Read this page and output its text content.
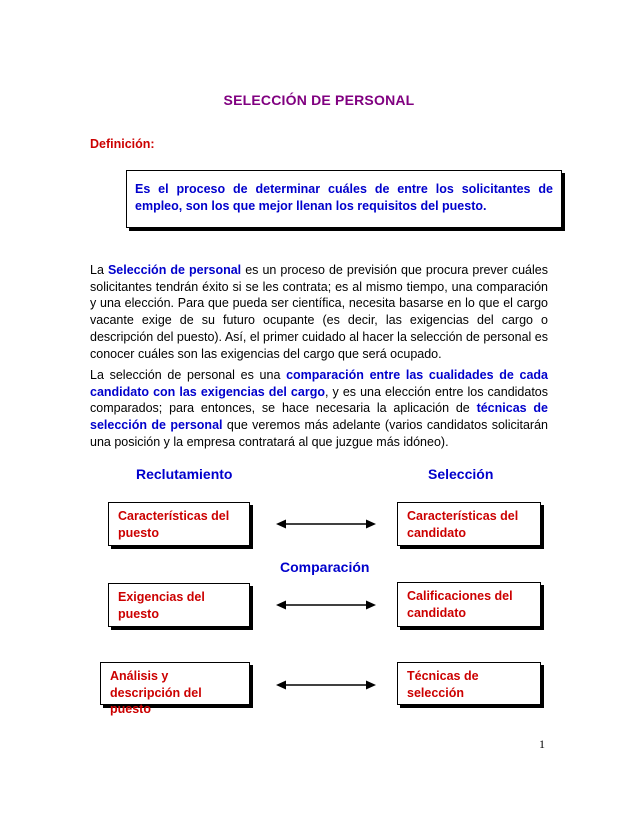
SELECCIÓN DE PERSONAL
Definición:
Es el proceso de determinar cuáles de entre los solicitantes de empleo, son los que mejor llenan los requisitos del puesto.
La Selección de personal es un proceso de previsión que procura prever cuáles solicitantes tendrán éxito si se les contrata; es al mismo tiempo, una comparación y una elección. Para que pueda ser científica, necesita basarse en lo que el cargo vacante exige de su futuro ocupante (es decir, las exigencias del cargo o descripción del puesto). Así, el primer cuidado al hacer la selección de personal es conocer cuáles son las exigencias del cargo que será ocupado.
La selección de personal es una comparación entre las cualidades de cada candidato con las exigencias del cargo, y es una elección entre los candidatos comparados; para entonces, se hace necesaria la aplicación de técnicas de selección de personal que veremos más adelante (varios candidatos solicitarán una posición y la empresa contratará al que juzgue más idóneo).
Reclutamiento	Selección
Comparación
Características del puesto
Exigencias del puesto
Análisis y descripción del puesto
Características del candidato
Calificaciones del candidato
Técnicas de selección
1
